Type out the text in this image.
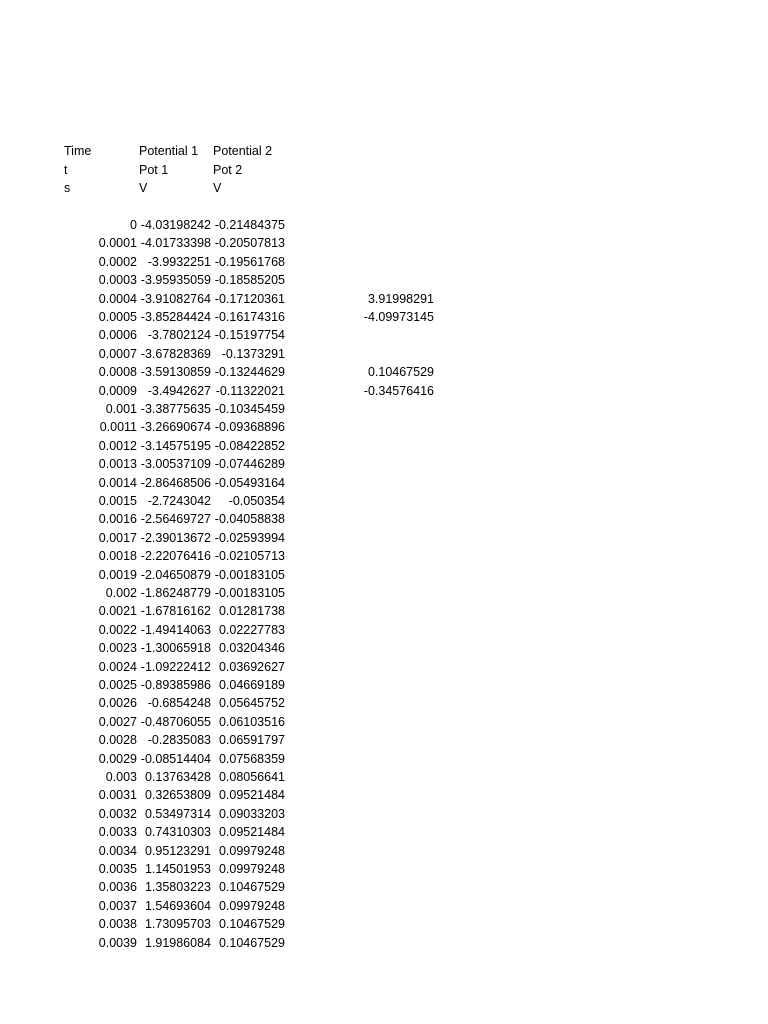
Time	Potential 1 Potential 2
t	Pot 1	Pot 2
s	V	V
0 -4.03198242 -0.21484375
0.0001 -4.01733398 -0.20507813
0.0002 -3.9932251 -0.19561768
0.0003 -3.95935059 -0.18585205
0.0004 -3.91082764 -0.17120361	3.91998291
0.0005 -3.85284424 -0.16174316	-4.09973145
0.0006 -3.7802124 -0.15197754
0.0007 -3.67828369 -0.1373291
0.0008 -3.59130859 -0.13244629	0.10467529
0.0009 -3.4942627 -0.11322021	-0.34576416
0.001 -3.38775635 -0.10345459
0.0011 -3.26690674 -0.09368896
0.0012 -3.14575195 -0.08422852
0.0013 -3.00537109 -0.07446289
0.0014 -2.86468506 -0.05493164
0.0015 -2.7243042	-0.050354
0.0016 -2.56469727 -0.04058838
0.0017 -2.39013672 -0.02593994
0.0018 -2.22076416 -0.02105713
0.0019 -2.04650879 -0.00183105
0.002 -1.86248779 -0.00183105
0.0021 -1.67816162 0.01281738
0.0022 -1.49414063 0.02227783
0.0023 -1.30065918 0.03204346
0.0024 -1.09222412 0.03692627
0.0025 -0.89385986 0.04669189
0.0026 -0.6854248 0.05645752
0.0027 -0.48706055 0.06103516
0.0028 -0.2835083 0.06591797
0.0029 -0.08514404 0.07568359
0.003 0.13763428 0.08056641
0.0031 0.32653809 0.09521484
0.0032 0.53497314 0.09033203
0.0033 0.74310303 0.09521484
0.0034 0.95123291 0.09979248
0.0035 1.14501953 0.09979248
0.0036 1.35803223 0.10467529
0.0037 1.54693604 0.09979248
0.0038 1.73095703 0.10467529
0.0039 1.91986084 0.10467529
